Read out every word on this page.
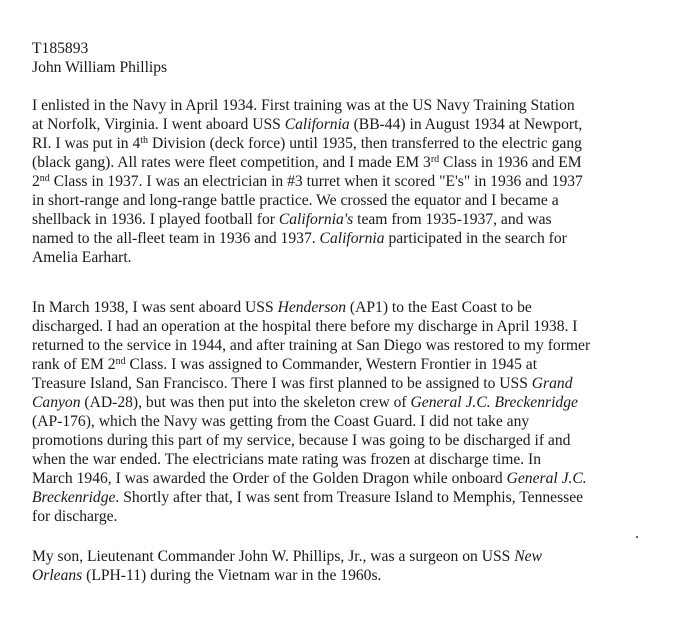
T185893
John William Phillips
I enlisted in the Navy in April 1934. First training was at the US Navy Training Station
at Norfolk, Virginia. I went aboard USS California (BB-44) in August 1934 at Newport,
RI. I was put in 4th Division (deck force) until 1935, then transferred to the electric gang
(black gang). All rates were fleet competition, and I made EM 3rd Class in 1936 and EM
2nd Class in 1937. I was an electrician in #3 turret when it scored "E's" in 1936 and 1937
in short-range and long-range battle practice. We crossed the equator and I became a
shellback in 1936. I played football for California's team from 1935-1937, and was
named to the all-fleet team in 1936 and 1937. California participated in the search for
Amelia Earhart.
In March 1938, I was sent aboard USS Henderson (AP1) to the East Coast to be
discharged. I had an operation at the hospital there before my discharge in April 1938. I
returned to the service in 1944, and after training at San Diego was restored to my former
rank of EM 2nd Class. I was assigned to Commander, Western Frontier in 1945 at
Treasure Island, San Francisco. There I was first planned to be assigned to USS Grand
Canyon (AD-28), but was then put into the skeleton crew of General J.C. Breckenridge
(AP-176), which the Navy was getting from the Coast Guard. I did not take any
promotions during this part of my service, because I was going to be discharged if and
when the war ended. The electricians mate rating was frozen at discharge time. In
March 1946, I was awarded the Order of the Golden Dragon while onboard General J.C.
Breckenridge. Shortly after that, I was sent from Treasure Island to Memphis, Tennessee
for discharge.
My son, Lieutenant Commander John W. Phillips, Jr., was a surgeon on USS New
Orleans (LPH-11) during the Vietnam war in the 1960s.
